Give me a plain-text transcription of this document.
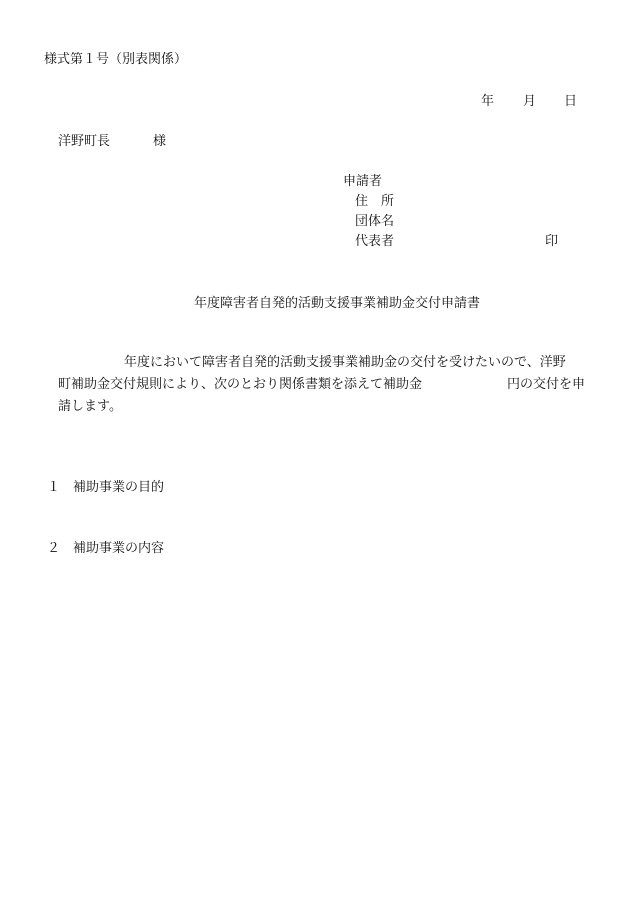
様式第１号（別表関係）
年 月 日
洋野町長	様
申請者
住　所
団体名
代表者	印
年度障害者自発的活動支援事業補助金交付申請書
年度において障害者自発的活動支援事業補助金の交付を受けたいので、洋野
町補助金交付規則により、次のとおり関係書類を添えて補助金	円の交付を申
請します。
１ 補助事業の目的
２ 補助事業の内容
